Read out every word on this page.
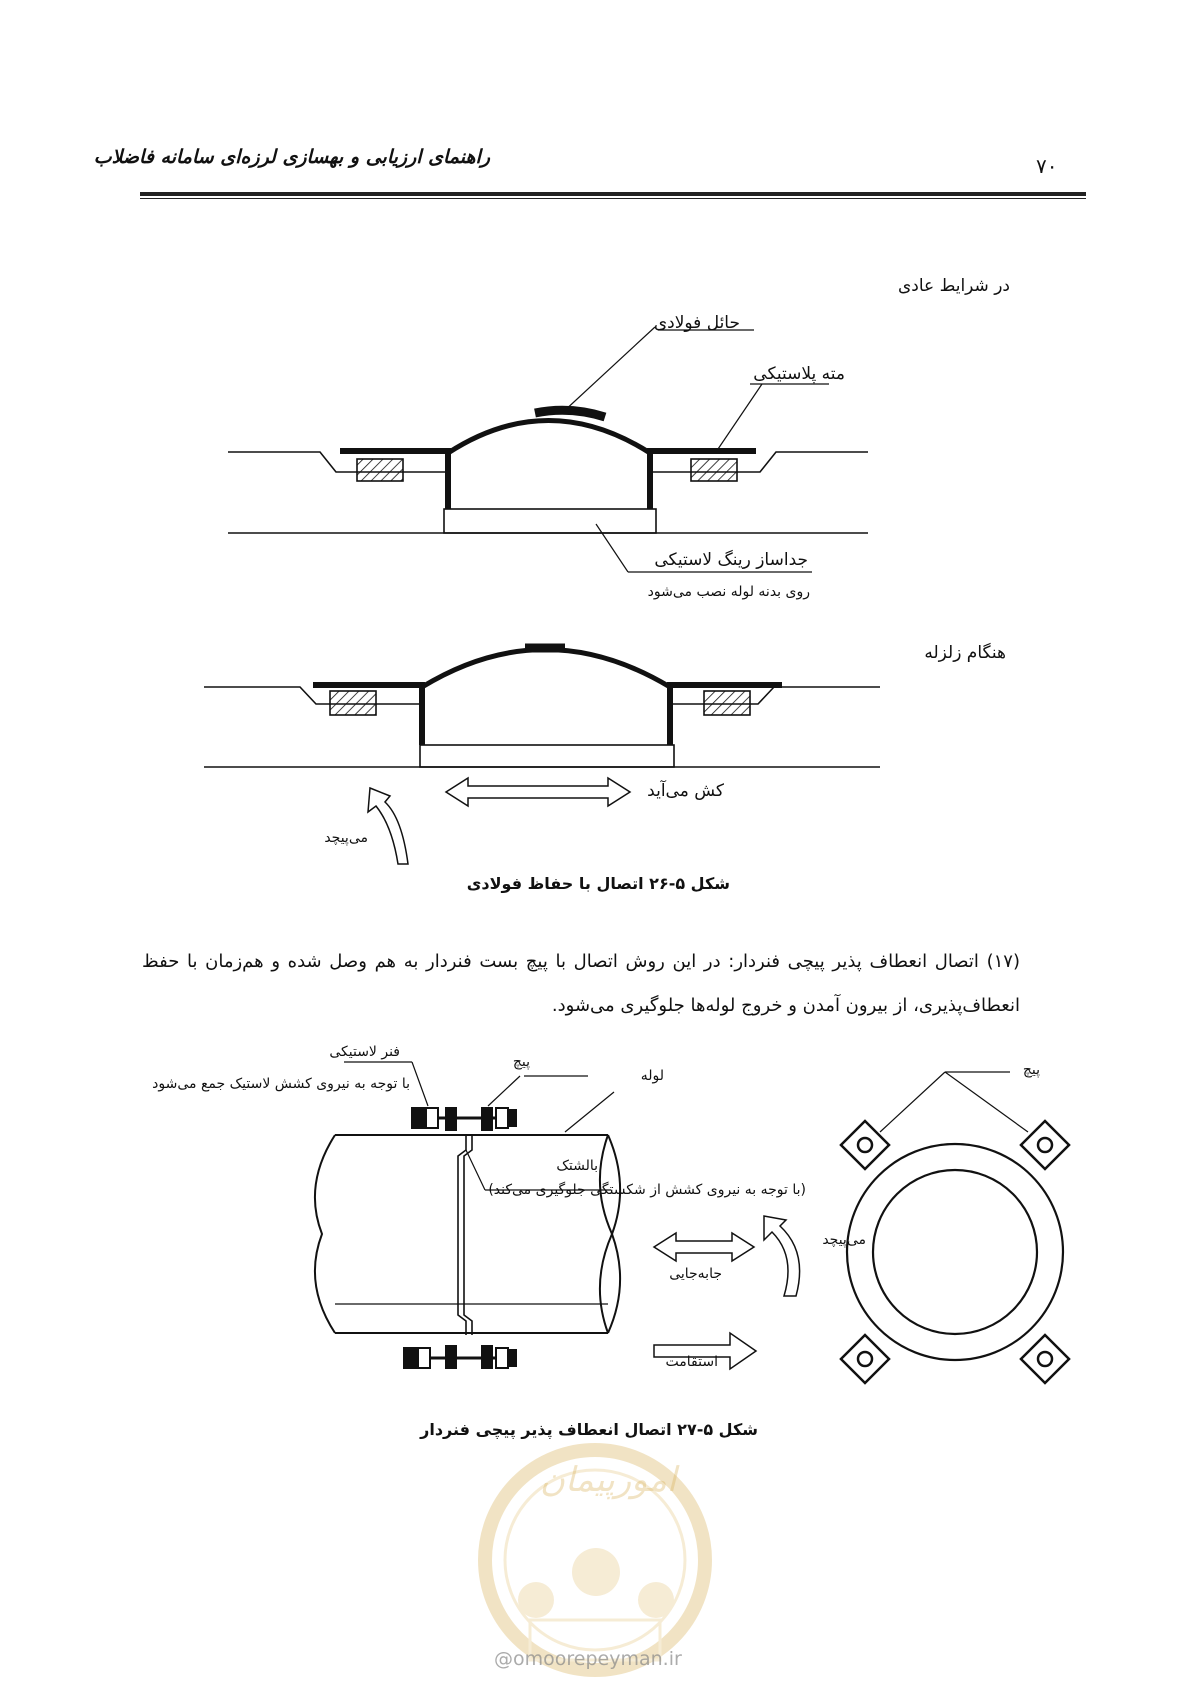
راهنمای ارزیابی و بهسازی لرزه‌ای سامانه فاضلاب	۷۰
در شرایط عادی
حائل فولادی
مته پلاستیکی
جداساز رینگ لاستیکی
روی بدنه لوله نصب می‌شود
هنگام زلزله
کش می‌آید
می‌پیچد
شکل ۵-۲۶ اتصال با حفاظ فولادی
(۱۷) اتصال انعطاف پذیر پیچی فنردار: در این روش اتصال با پیچ بست فنردار به هم وصل شده و هم‌زمان با حفظ انعطاف‌پذیری، از بیرون آمدن و خروج لوله‌ها جلوگیری می‌شود.
فنر لاستیکی
با توجه به نیروی کشش لاستیک جمع می‌شود
پیچ
لوله	پیچ
بالشتک
(با توجه به نیروی کشش از شکستگی جلوگیری می‌کند)
می‌پیچد
جابه‌جایی
استقامت
شکل ۵-۲۷ اتصال انعطاف پذیر پیچی فنردار
امورپیمان
@omoorepeyman.ir
